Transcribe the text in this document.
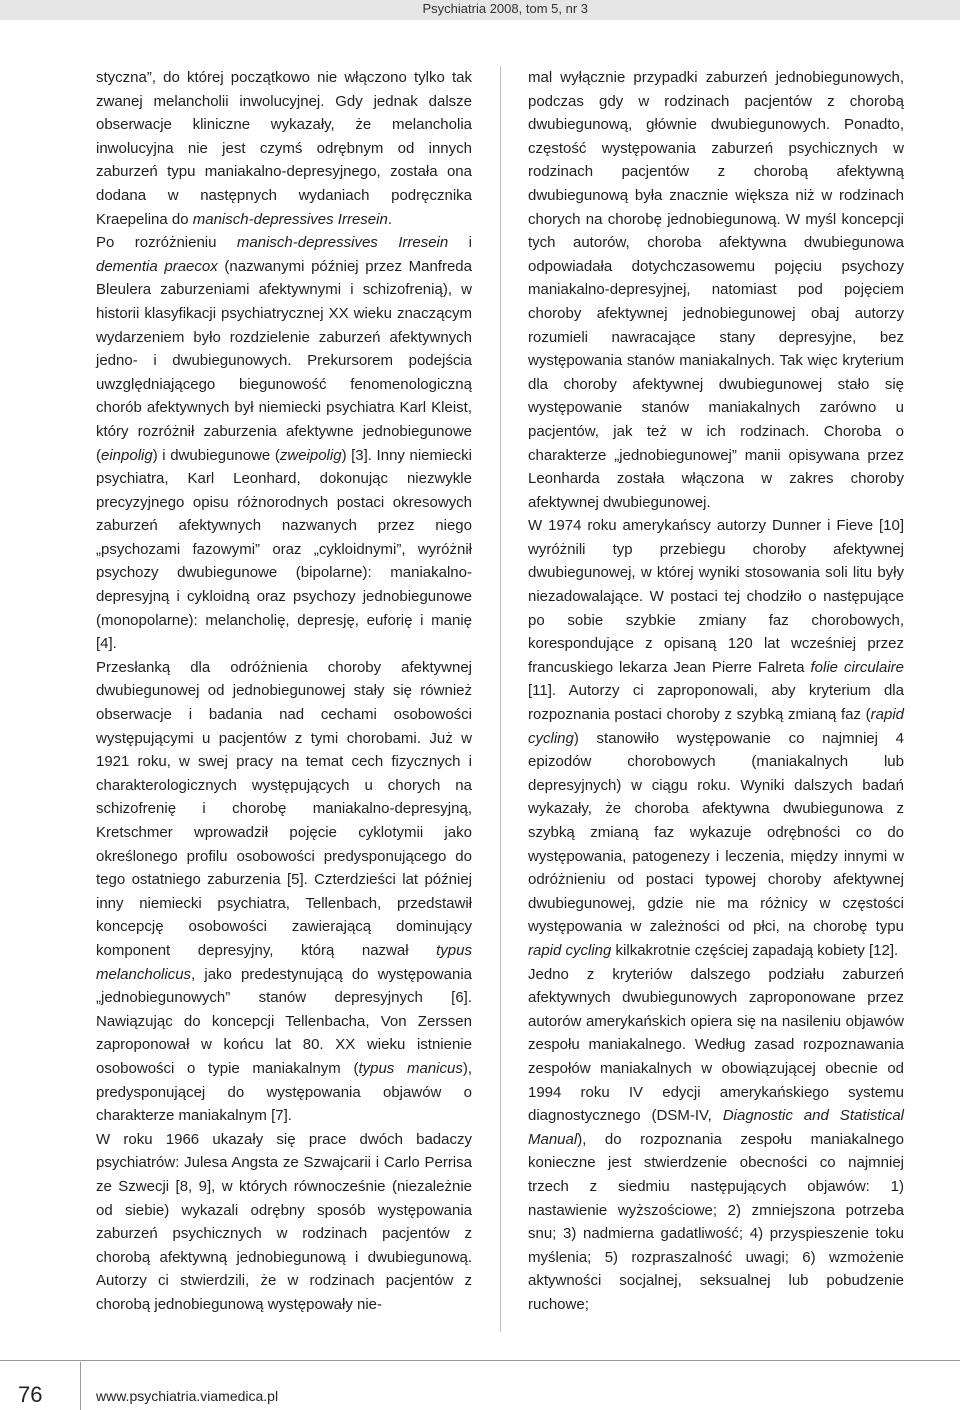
Psychiatria 2008, tom 5, nr 3

styczna”, do której początkowo nie włączono tylko tak zwanej melancholii inwolucyjnej. Gdy jednak dalsze obserwacje kliniczne wykazały, że melancholia inwolucyjna nie jest czymś odrębnym od innych zaburzeń typu maniakalno-depresyjnego, została ona dodana w następnych wydaniach podręcznika Kraepelina do manisch-depressives Irresein.

Po rozróżnieniu manisch-depressives Irresein i dementia praecox (nazwanymi później przez Manfreda Bleulera zaburzeniami afektywnymi i schizofrenią), w historii klasyfikacji psychiatrycznej XX wieku znaczącym wydarzeniem było rozdzielenie zaburzeń afektywnych jedno- i dwubiegunowych. Prekursorem podejścia uwzględniającego biegunowość fenomenologiczną chorób afektywnych był niemiecki psychiatra Karl Kleist, który rozróżnił zaburzenia afektywne jednobiegunowe (einpolig) i dwubiegunowe (zweipolig) [3]. Inny niemiecki psychiatra, Karl Leonhard, dokonując niezwykle precyzyjnego opisu różnorodnych postaci okresowych zaburzeń afektywnych nazwanych przez niego „psychozami fazowymi” oraz „cykloidnymi”, wyróżnił psychozy dwubiegunowe (bipolarne): maniakalno-depresyjną i cykloidną oraz psychozy jednobiegunowe (monopolarne): melancholię, depresję, euforię i manię [4].

Przesłanką dla odróżnienia choroby afektywnej dwubiegunowej od jednobiegunowej stały się również obserwacje i badania nad cechami osobowości występującymi u pacjentów z tymi chorobami. Już w 1921 roku, w swej pracy na temat cech fizycznych i charakterologicznych występujących u chorych na schizofrenię i chorobę maniakalno-depresyjną, Kretschmer wprowadził pojęcie cyklotymii jako określonego profilu osobowości predysponującego do tego ostatniego zaburzenia [5]. Czterdzieści lat później inny niemiecki psychiatra, Tellenbach, przedstawił koncepcję osobowości zawierającą dominujący komponent depresyjny, którą nazwał typus melancholicus, jako predestynującą do występowania „jednobiegunowych” stanów depresyjnych [6]. Nawiązując do koncepcji Tellenbacha, Von Zerssen zaproponował w końcu lat 80. XX wieku istnienie osobowości o typie maniakalnym (typus manicus), predysponującej do występowania objawów o charakterze maniakalnym [7].

W roku 1966 ukazały się prace dwóch badaczy psychiatrów: Julesa Angsta ze Szwajcarii i Carlo Perrisa ze Szwecji [8, 9], w których równocześnie (niezależnie od siebie) wykazali odrębny sposób występowania zaburzeń psychicznych w rodzinach pacjentów z chorobą afektywną jednobiegunową i dwubiegunową. Autorzy ci stwierdzili, że w rodzinach pacjentów z chorobą jednobiegunową występowały nie-

mal wyłącznie przypadki zaburzeń jednobiegunowych, podczas gdy w rodzinach pacjentów z chorobą dwubiegunową, głównie dwubiegunowych. Ponadto, częstość występowania zaburzeń psychicznych w rodzinach pacjentów z chorobą afektywną dwubiegunową była znacznie większa niż w rodzinach chorych na chorobę jednobiegunową. W myśl koncepcji tych autorów, choroba afektywna dwubiegunowa odpowiadała dotychczasowemu pojęciu psychozy maniakalno-depresyjnej, natomiast pod pojęciem choroby afektywnej jednobiegunowej obaj autorzy rozumieli nawracające stany depresyjne, bez występowania stanów maniakalnych. Tak więc kryterium dla choroby afektywnej dwubiegunowej stało się występowanie stanów maniakalnych zarówno u pacjentów, jak też w ich rodzinach. Choroba o charakterze „jednobiegunowej” manii opisywana przez Leonharda została włączona w zakres choroby afektywnej dwubiegunowej.

W 1974 roku amerykańscy autorzy Dunner i Fieve [10] wyróżnili typ przebiegu choroby afektywnej dwubiegunowej, w której wyniki stosowania soli litu były niezadowalające. W postaci tej chodziło o następujące po sobie szybkie zmiany faz chorobowych, korespondujące z opisaną 120 lat wcześniej przez francuskiego lekarza Jean Pierre Falreta folie circulaire [11]. Autorzy ci zaproponowali, aby kryterium dla rozpoznania postaci choroby z szybką zmianą faz (rapid cycling) stanowiło występowanie co najmniej 4 epizodów chorobowych (maniakalnych lub depresyjnych) w ciągu roku. Wyniki dalszych badań wykazały, że choroba afektywna dwubiegunowa z szybką zmianą faz wykazuje odrębności co do występowania, patogenezy i leczenia, między innymi w odróżnieniu od postaci typowej choroby afektywnej dwubiegunowej, gdzie nie ma różnicy w częstości występowania w zależności od płci, na chorobę typu rapid cycling kilkakrotnie częściej zapadają kobiety [12].

Jedno z kryteriów dalszego podziału zaburzeń afektywnych dwubiegunowych zaproponowane przez autorów amerykańskich opiera się na nasileniu objawów zespołu maniakalnego. Według zasad rozpoznawania zespołów maniakalnych w obowiązującej obecnie od 1994 roku IV edycji amerykańskiego systemu diagnostycznego (DSM-IV, Diagnostic and Statistical Manual), do rozpoznania zespołu maniakalnego konieczne jest stwierdzenie obecności co najmniej trzech z siedmiu następujących objawów: 1) nastawienie wyższościowe; 2) zmniejszona potrzeba snu; 3) nadmierna gadatliwość; 4) przyspieszenie toku myślenia; 5) rozpraszalność uwagi; 6) wzmożenie aktywności socjalnej, seksualnej lub pobudzenie ruchowe;

76	www.psychiatria.viamedica.pl
